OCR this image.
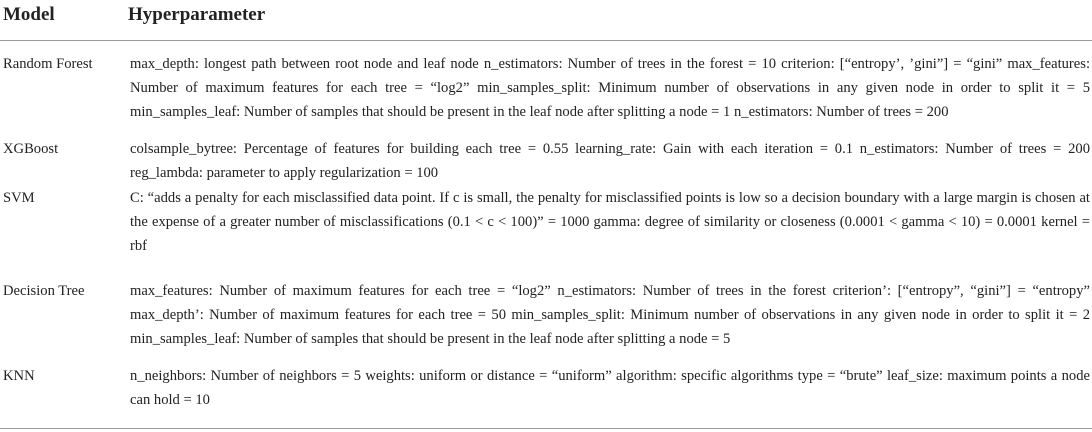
Model	Hyperparameter
Random Forest	max_depth: longest path between root node and leaf node n_estimators: Number of trees in the forest = 10 criterion: [“entropy’, ’gini”] = “gini” max_features: Number of maximum features for each tree = “log2” min_samples_split: Minimum number of observations in any given node in order to split it = 5 min_samples_leaf: Number of samples that should be present in the leaf node after splitting a node = 1 n_estimators: Number of trees = 200
XGBoost	colsample_bytree: Percentage of features for building each tree = 0.55 learning_rate: Gain with each iteration = 0.1 n_estimators: Number of trees = 200 reg_lambda: parameter to apply regularization = 100
SVM	C: “adds a penalty for each misclassified data point. If c is small, the penalty for misclassified points is low so a decision boundary with a large margin is chosen at the expense of a greater number of misclassifications (0.1 < c < 100)” = 1000 gamma: degree of similarity or closeness (0.0001 < gamma < 10) = 0.0001 kernel = rbf
Decision Tree	max_features: Number of maximum features for each tree = “log2” n_estimators: Number of trees in the forest criterion’: [“entropy”, “gini”] = “entropy” max_depth’: Number of maximum features for each tree = 50 min_samples_split: Minimum number of observations in any given node in order to split it = 2 min_samples_leaf: Number of samples that should be present in the leaf node after splitting a node = 5
KNN	n_neighbors: Number of neighbors = 5 weights: uniform or distance = “uniform” algorithm: specific algorithms type = “brute” leaf_size: maximum points a node can hold = 10
